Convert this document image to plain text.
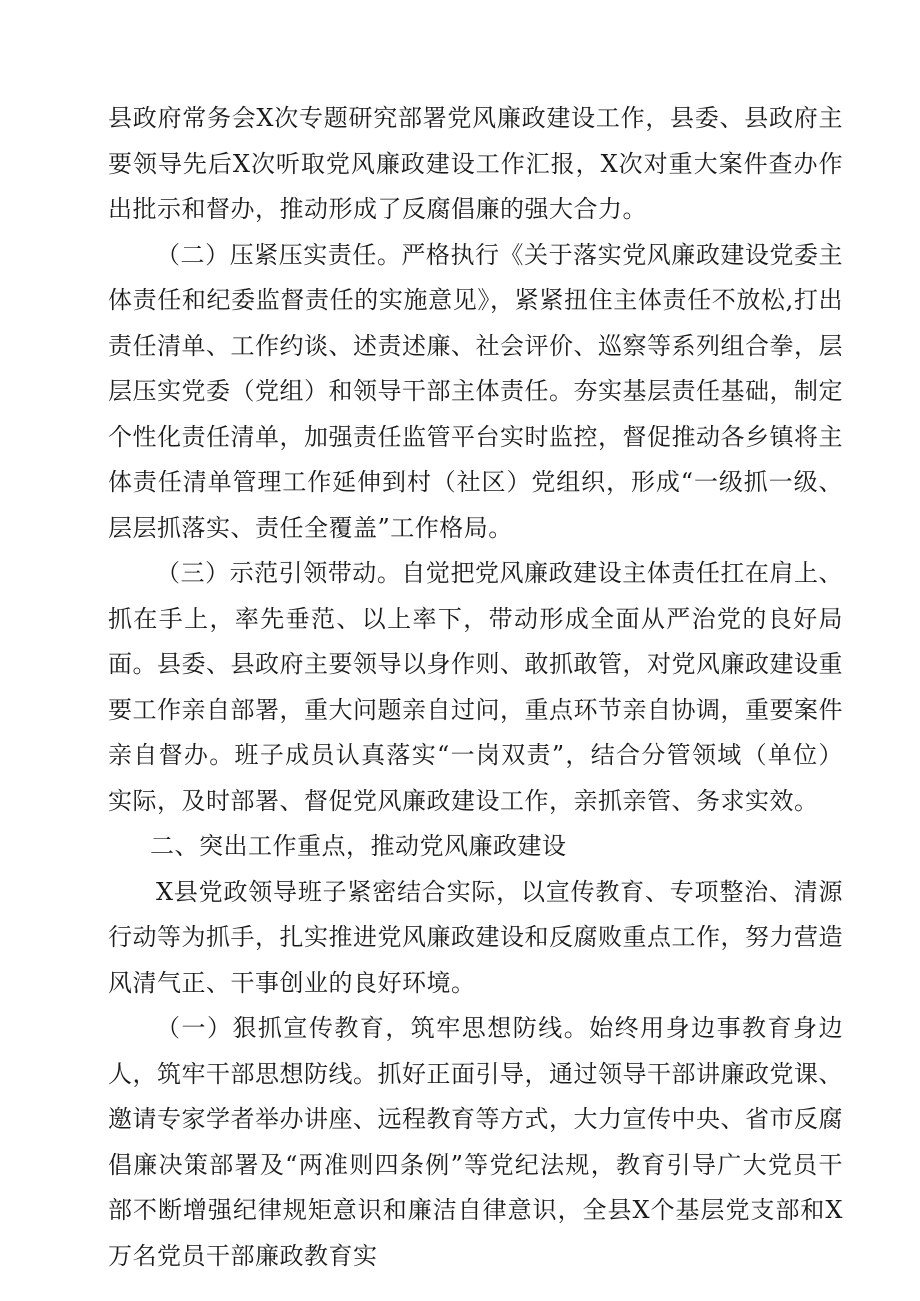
县政府常务会X次专题研究部署党风廉政建设工作，县委、县政府主要领导先后X次听取党风廉政建设工作汇报，X次对重大案件查办作出批示和督办，推动形成了反腐倡廉的强大合力。

（二）压紧压实责任。严格执行《关于落实党风廉政建设党委主体责任和纪委监督责任的实施意见》，紧紧扭住主体责任不放松,打出责任清单、工作约谈、述责述廉、社会评价、巡察等系列组合拳，层层压实党委（党组）和领导干部主体责任。夯实基层责任基础，制定个性化责任清单，加强责任监管平台实时监控，督促推动各乡镇将主体责任清单管理工作延伸到村（社区）党组织，形成“一级抓一级、层层抓落实、责任全覆盖”工作格局。

（三）示范引领带动。自觉把党风廉政建设主体责任扛在肩上、抓在手上，率先垂范、以上率下，带动形成全面从严治党的良好局面。县委、县政府主要领导以身作则、敢抓敢管，对党风廉政建设重要工作亲自部署，重大问题亲自过问，重点环节亲自协调，重要案件亲自督办。班子成员认真落实“一岗双责”，结合分管领域（单位）实际，及时部署、督促党风廉政建设工作，亲抓亲管、务求实效。

二、突出工作重点，推动党风廉政建设

X县党政领导班子紧密结合实际，以宣传教育、专项整治、清源行动等为抓手，扎实推进党风廉政建设和反腐败重点工作，努力营造风清气正、干事创业的良好环境。

（一）狠抓宣传教育，筑牢思想防线。始终用身边事教育身边人，筑牢干部思想防线。抓好正面引导，通过领导干部讲廉政党课、邀请专家学者举办讲座、远程教育等方式，大力宣传中央、省市反腐倡廉决策部署及“两准则四条例”等党纪法规，教育引导广大党员干部不断增强纪律规矩意识和廉洁自律意识，全县X个基层党支部和X万名党员干部廉政教育实
